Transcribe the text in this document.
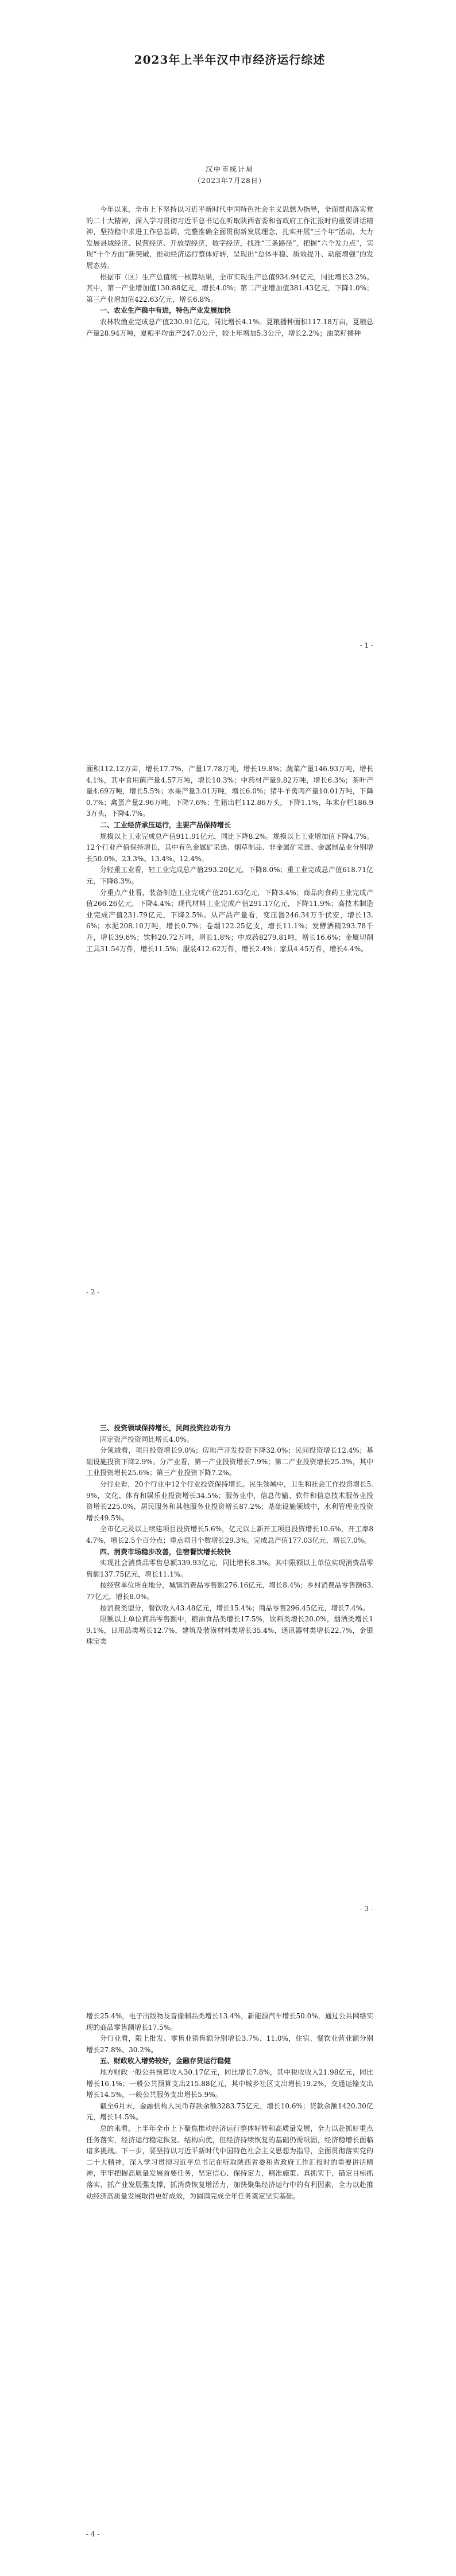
2023年上半年汉中市经济运行综述
汉中市统计局
（2023年7月28日）

今年以来，全市上下坚持以习近平新时代中国特色社会主义思想为指导，全面贯彻落实党的二十大精神，深入学习贯彻习近平总书记在听取陕西省委和省政府工作汇报时的重要讲话精神，坚持稳中求进工作总基调，完整准确全面贯彻新发展理念，扎实开展“三个年”活动，大力发展县域经济、民营经济、开放型经济，数字经济，找准“三条路径”，把握“六个发力点”，实现“十个方面”新突破，推动经济运行整体好转，呈现出“总体平稳、质效提升、动能增强”的发展态势。

根据市（区）生产总值统一核算结果，全市实现生产总值934.94亿元，同比增长3.2%。其中，第一产业增加值130.88亿元，增长4.0%；第二产业增加值381.43亿元，下降1.0%；第三产业增加值422.63亿元，增长6.8%。

一、农业生产稳中有进，特色产业发展加快

农林牧渔业完成总产值230.91亿元，同比增长4.1%。夏粮播种面积117.18万亩，夏粮总产量28.94万吨，夏粮平均亩产247.0公斤，较上年增加5.3公斤，增长2.2%；油菜籽播种

- 1 -

面积112.12万亩，增长17.7%，产量17.78万吨，增长19.8%；蔬菜产量146.93万吨，增长4.1%，其中食用菌产量4.57万吨，增长10.3%；中药材产量9.82万吨，增长6.3%；茶叶产量4.69万吨，增长5.5%；水果产量3.01万吨，增长6.0%；猪牛羊禽肉产量10.01万吨，下降0.7%；禽蛋产量2.96万吨，下降7.6%；生猪出栏112.86万头，下降1.1%，年末存栏186.93万头，下降4.7%。

二、工业经济承压运行，主要产品保持增长

规模以上工业完成总产值911.91亿元，同比下降8.2%。规模以上工业增加值下降4.7%。12个行业产值保持增长，其中有色金属矿采选、烟草制品、非金属矿采选、金属制品业分别增长50.0%、23.3%、13.4%、12.4%。

分轻重工业看，轻工业完成总产值293.20亿元，下降8.0%；重工业完成总产值618.71亿元，下降8.3%。

分重点产业看，装备制造工业完成产值251.63亿元，下降3.4%；商品肉食药工业完成产值266.26亿元，下降4.4%；现代材料工业完成产值291.17亿元，下降11.9%；高技术制造业完成产值231.79亿元，下降2.5%。从产品产量看，变压器246.34万千伏安，增长13.6%；水泥208.10万吨，增长0.7%；卷烟122.25亿支，增长11.1%；发酵酒精293.78千升，增长39.6%；饮料20.72万吨，增长1.8%；中成药8279.81吨，增长16.6%；金属切削工具31.54万件，增长11.5%；服装412.62万件，增长2.4%；家具4.45万件，增长4.4%。

- 2 -

三、投资领域保持增长，民间投资拉动有力

固定资产投资同比增长4.0%。

分领域看，项目投资增长9.0%；房地产开发投资下降32.0%；民间投资增长12.4%；基础设施投资下降2.9%。分产业看，第一产业投资增长7.9%；第二产业投资增长25.3%，其中工业投资增长25.6%；第三产业投资下降7.2%。

分行业看，20个行业中12个行业投资保持增长。民生领域中，卫生和社会工作投资增长5.9%，文化、体育和娱乐业投资增长34.5%；服务业中，信息传输、软件和信息技术服务业投资增长225.0%，居民服务和其他服务业投资增长87.2%；基础设施领域中，水利管理业投资增长49.5%。

全市亿元及以上续建项目投资增长5.6%，亿元以上新开工项目投资增长10.6%，开工率84.7%，增长2.5个百分点；重点项目个数增长29.3%，完成总产值177.03亿元，增长7.0%。

四、消费市场稳步改善，住宿餐饮增长较快

实现社会消费品零售总额339.93亿元，同比增长8.3%。其中限额以上单位实现消费品零售额137.75亿元，增长11.1%。

按经营单位所在地分，城镇消费品零售额276.16亿元，增长8.4%；乡村消费品零售额63.77亿元，增长8.0%。

按消费类型分，餐饮收入43.48亿元，增长15.4%；商品零售296.45亿元，增长7.4%。

限额以上单位商品零售额中，粮油食品类增长17.5%，饮料类增长20.0%，烟酒类增长19.1%，日用品类增长12.7%，建筑及装潢材料类增长35.4%，通讯器材类增长22.7%，金银珠宝类

- 3 -

增长25.4%，电子出版物及音像制品类增长13.4%，新能源汽车增长50.0%，通过公共网络实现的商品零售额增长17.5%。

分行业看，限上批发、零售业销售额分别增长3.7%、11.0%，住宿、餐饮业营业额分别增长27.8%、30.2%。

五、财政收入增势较好，金融存贷运行稳健

地方财政一般公共预算收入30.17亿元，同比增长7.8%，其中税收收入21.98亿元，同比增长16.1%；一般公共预算支出215.88亿元，其中城乡社区支出增长19.2%，交通运输支出增长14.5%，一般公共服务支出增长5.9%。

截至6月末，金融机构人民币存款余额3283.75亿元，增长10.6%；贷款余额1420.30亿元，增长14.5%。

总的来看，上半年全市上下聚焦推动经济运行整体好转和高质量发展，全力以赴抓好重点任务落实，经济运行稳定恢复、结构向优，但经济持续恢复的基础仍需巩固，经济稳增长面临诸多挑战。下一步，要坚持以习近平新时代中国特色社会主义思想为指导，全面贯彻落实党的二十大精神，深入学习贯彻习近平总书记在听取陕西省委和省政府工作汇报时的重要讲话精神，牢牢把握高质量发展首要任务，坚定信心、保持定力，精准施策、真抓实干，锚定目标抓落实，抓产业发展强支撑，抓消费恢复增活力，加快聚集经济运行中的有利因素，全力以赴推动经济高质量发展取得更好成效，为圆满完成全年任务奠定坚实基础。

- 4 -
